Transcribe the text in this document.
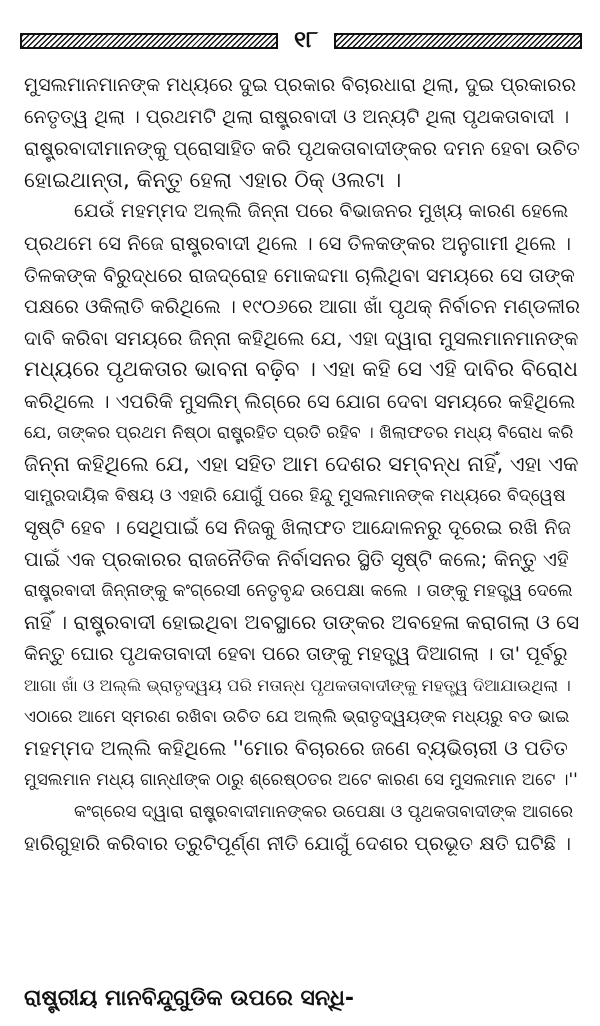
୧୮
ମୁସଲମାନମାନଙ୍କ ମଧ୍ୟରେ ଦୁଇ ପ୍ରକାର ବିଚାରଧାରା ଥିଲା, ଦୁଇ ପ୍ରକାରର
ନେତୃତ୍ୱ ଥିଲା । ପ୍ରଥମଟି ଥିଲା ରାଷ୍ଟ୍ରବାଦୀ ଓ ଅନ୍ୟଟି ଥିଲା ପୃଥକତାବାଦୀ ।
ରାଷ୍ଟ୍ରବାଦୀମାନଙ୍କୁ ପ୍ରୋସାହିତ କରି ପୃଥକତାବାଦୀଙ୍କର ଦମନ ହେବା ଉଚିତ
ହୋଇଥାନ୍ତା, କିନ୍ତୁ ହେଲା ଏହାର ଠିକ୍ ଓଲଟା ।
ଯେଉଁ ମହମ୍ମଦ ଅଲ୍ଲି ଜିନ୍ନା ପରେ ବିଭାଜନର ମୁଖ୍ୟ କାରଣ ହେଲେ
ପ୍ରଥମେ ସେ ନିଜେ ରାଷ୍ଟ୍ରବାଦୀ ଥିଲେ । ସେ ତିଳକଙ୍କର ଅନୁଗାମୀ ଥିଲେ ।
ତିଳକଙ୍କ ବିରୁଦ୍ଧରେ ରାଜଦ୍ରୋହ ମୋକଦ୍ଦମା ଚାଲିଥିବା ସମୟରେ ସେ ତାଙ୍କ
ପକ୍ଷରେ ଓକିଲାତି କରିଥିଲେ । ୧୯୦୬ରେ ଆଗା ଖାଁ ପୃଥକ୍ ନିର୍ବାଚନ ମଣ୍ଡଳୀର
ଦାବି କରିବା ସମୟରେ ଜିନ୍ନା କହିଥିଲେ ଯେ, ଏହା ଦ୍ୱାରା ମୁସଲମାନମାନଙ୍କ
ମଧ୍ୟରେ ପୃଥକତାର ଭାବନା ବଢ଼ିବ । ଏହା କହି ସେ ଏହି ଦାବିର ବିରୋଧ
କରିଥିଲେ । ଏପରିକି ମୁସଲିମ୍ ଲିଗ୍‌ରେ ସେ ଯୋଗ ଦେବା ସମୟରେ କହିଥିଲେ
ଯେ, ତାଙ୍କର ପ୍ରଥମ ନିଷ୍ଠା ରାଷ୍ଟ୍ରହିତ ପ୍ରତି ରହିବ । ଖିଲାଫତର ମଧ୍ୟ ବିରୋଧ କରି
ଜିନ୍ନା କହିଥିଲେ ଯେ, ଏହା ସହିତ ଆମ ଦେଶର ସମ୍ବନ୍ଧ ନାହିଁ, ଏହା ଏକ
ସାମ୍ପ୍ରଦାୟିକ ବିଷୟ ଓ ଏହାରି ଯୋଗୁଁ ପରେ ହିନ୍ଦୁ ମୁସଲମାନଙ୍କ ମଧ୍ୟରେ ବିଦ୍ୱେଷ
ସୃଷ୍ଟି ହେବ । ସେଥିପାଇଁ ସେ ନିଜକୁ ଖିଲାଫତ ଆନ୍ଦୋଳନରୁ ଦୂରେଇ ରଖି ନିଜ
ପାଇଁ ଏକ ପ୍ରକାରର ରାଜନୈତିକ ନିର୍ବାସନର ସ୍ଥିତି ସୃଷ୍ଟି କଲେ; କିନ୍ତୁ ଏହି
ରାଷ୍ଟ୍ରବାଦୀ ଜିନ୍ନାଙ୍କୁ କଂଗ୍ରେସୀ ନେତୃବୃନ୍ଦ ଉପେକ୍ଷା କଲେ । ତାଙ୍କୁ ମହତ୍ତ୍ୱ ଦେଲେ
ନାହିଁ । ରାଷ୍ଟ୍ରବାଦୀ ହୋଇଥିବା ଅବସ୍ଥାରେ ତାଙ୍କର ଅବହେଳା କରାଗଲା ଓ ସେ
କିନ୍ତୁ ଘୋର ପୃଥକତାବାଦୀ ହେବା ପରେ ତାଙ୍କୁ ମହତ୍ତ୍ୱ ଦିଆଗଲା । ତା' ପୂର୍ବରୁ
ଆଗା ଖାଁ ଓ ଅଲ୍ଲି ଭ୍ରାତୃଦ୍ୱୟ ପରି ମତାନ୍ଧ ପୃଥକତାବାଦୀଙ୍କୁ ମହତ୍ତ୍ୱ ଦିଆଯାଉଥିଲା ।
ଏଠାରେ ଆମେ ସ୍ମରଣ ରଖିବା ଉଚିତ ଯେ ଅଲ୍ଲି ଭ୍ରାତୃଦ୍ୱୟଙ୍କ ମଧ୍ୟରୁ ବଡ ଭାଇ
ମହମ୍ମଦ ଅଲ୍ଲି କହିଥିଲେ ''ମୋର ବିଚାରରେ ଜଣେ ବ୍ୟଭିଚାରୀ ଓ ପତିତ
ମୁସଲମାନ ମଧ୍ୟ ଗାନ୍ଧୀଙ୍କ ଠାରୁ ଶ୍ରେଷ୍ଠତର ଅଟେ କାରଣ ସେ ମୁସଲମାନ ଅଟେ ।''
କଂଗ୍ରେସ ଦ୍ୱାରା ରାଷ୍ଟ୍ରବାଦୀମାନଙ୍କର ଉପେକ୍ଷା ଓ ପୃଥକତାବାଦୀଙ୍କ ଆଗରେ
ହାରିଗୁହାରି କରିବାର ତ୍ରୁଟିପୂର୍ଣ୍ଣ ନୀତି ଯୋଗୁଁ ଦେଶର ପ୍ରଭୂତ କ୍ଷତି ଘଟିଛି ।
ରାଷ୍ଟ୍ରୀୟ ମାନବିନ୍ଦୁଗୁଡିକ ଉପରେ ସନ୍ଧି-
